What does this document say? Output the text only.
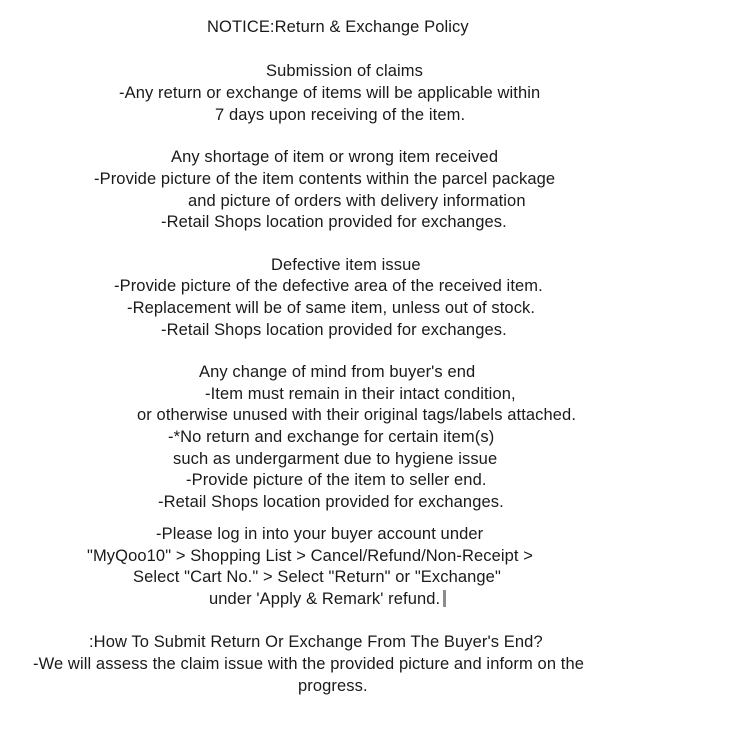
NOTICE:Return & Exchange Policy
Submission of claims
-Any return or exchange of items will be applicable within
7 days upon receiving of the item.
Any shortage of item or wrong item received
-Provide picture of the item contents within the parcel package
and picture of orders with delivery information
-Retail Shops location provided for exchanges.
Defective item issue
-Provide picture of the defective area of the received item.
-Replacement will be of same item, unless out of stock.
-Retail Shops location provided for exchanges.
Any change of mind from buyer's end
-Item must remain in their intact condition,
or otherwise unused with their original tags/labels attached.
-*No return and exchange for certain item(s)
such as undergarment due to hygiene issue
-Provide picture of the item to seller end.
-Retail Shops location provided for exchanges.
-Please log in into your buyer account under
"MyQoo10" > Shopping List > Cancel/Refund/Non-Receipt >
Select "Cart No." > Select "Return" or "Exchange"
under 'Apply & Remark' refund.
:How To Submit Return Or Exchange From The Buyer's End?
-We will assess the claim issue with the provided picture and inform on the
progress.
